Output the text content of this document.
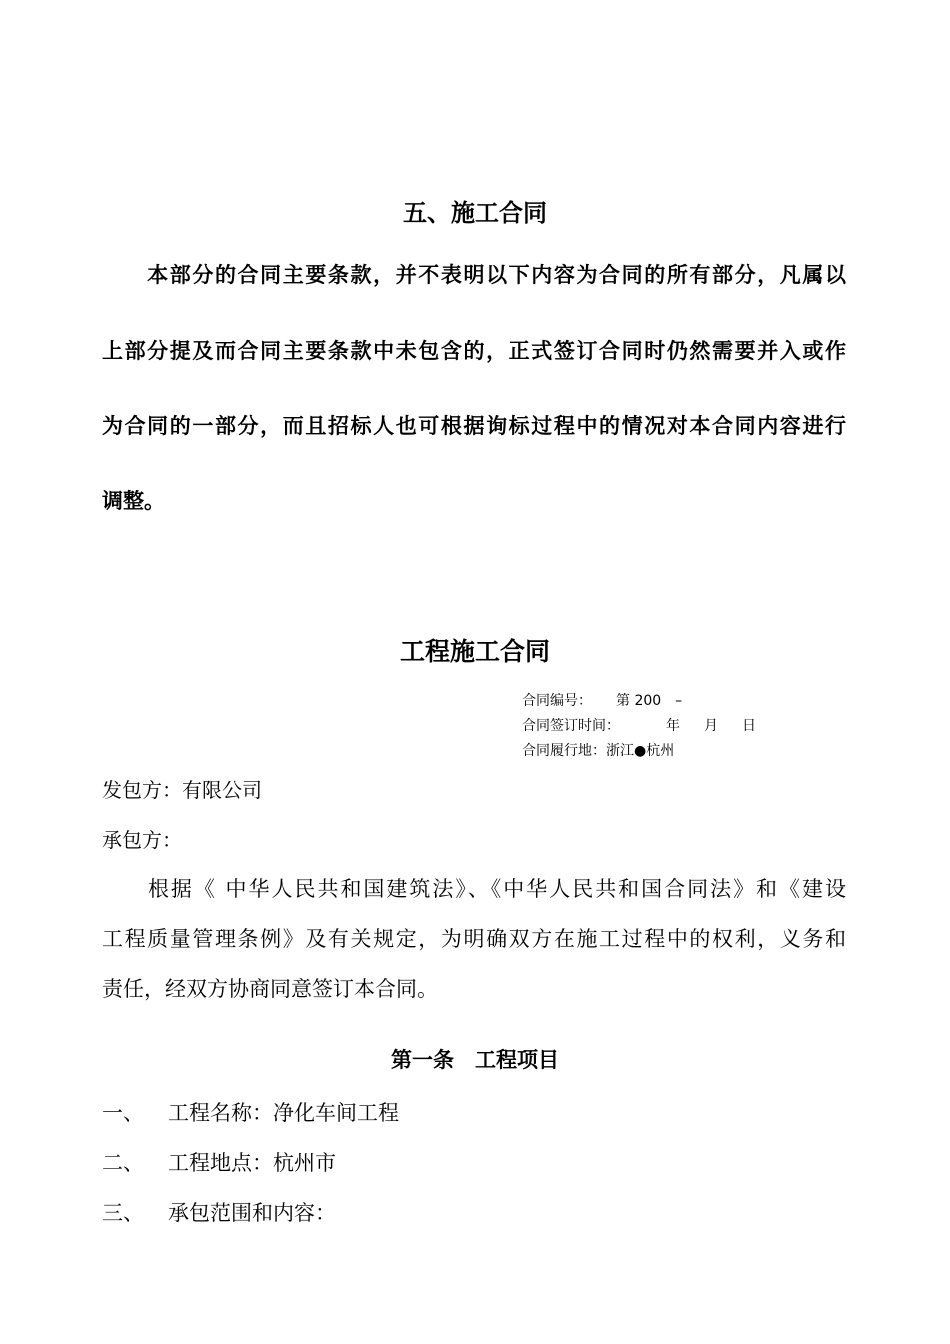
五、施工合同
　　本部分的合同主要条款，并不表明以下内容为合同的所有部分，凡属以
上部分提及而合同主要条款中未包含的，正式签订合同时仍然需要并入或作
为合同的一部分，而且招标人也可根据询标过程中的情况对本合同内容进行
调整。
工程施工合同
合同编号： 第 200　–
合同签订时间：	年 月 日
合同履行地：浙江●杭州
发包方：有限公司
承包方：
　　根据《 中华人民共和国建筑法》、《中华人民共和国合同法》和《建设
工程质量管理条例》及有关规定，为明确双方在施工过程中的权利，义务和
责任，经双方协商同意签订本合同。
第一条　工程项目
一、 工程名称：净化车间工程
二、 工程地点：杭州市
三、 承包范围和内容：
